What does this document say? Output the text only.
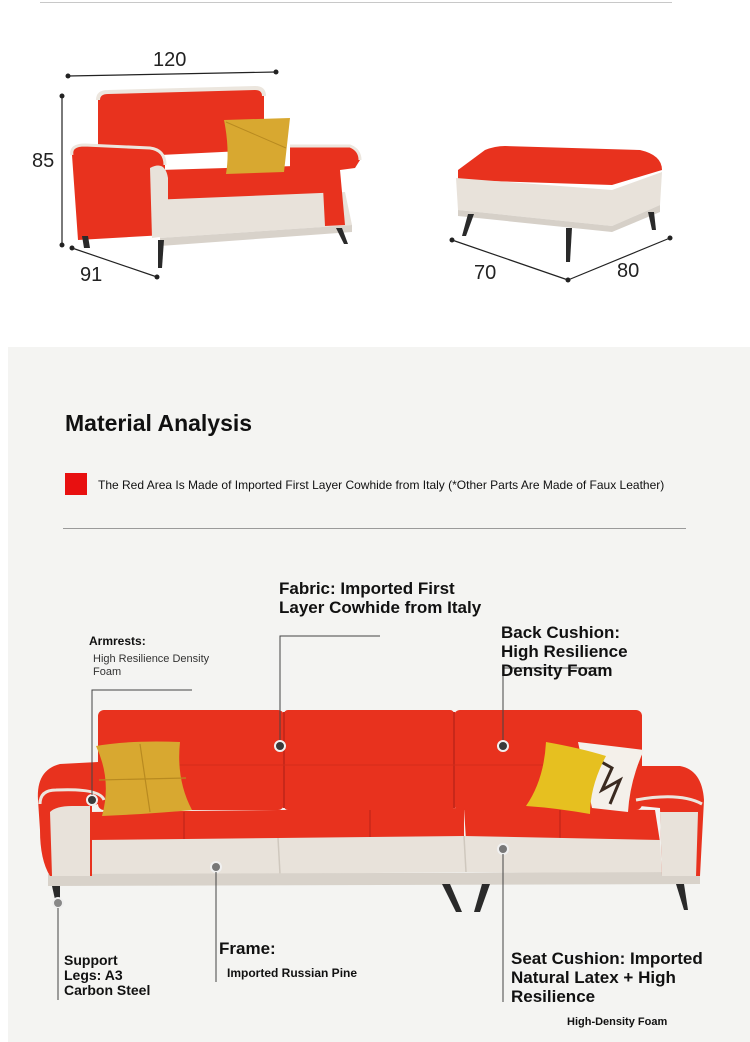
120
85
91	70	80
Material Analysis
The Red Area Is Made of Imported First Layer Cowhide from Italy (*Other Parts Are Made of Faux Leather)
Fabric: Imported First
Layer Cowhide from Italy
Armrests:
High Resilience Density
Foam
Back Cushion:
High Resilience
Density Foam
Support
Legs: A3
Carbon Steel
Frame:
Imported Russian Pine
Seat Cushion: Imported
Natural Latex + High
Resilience
High-Density Foam
